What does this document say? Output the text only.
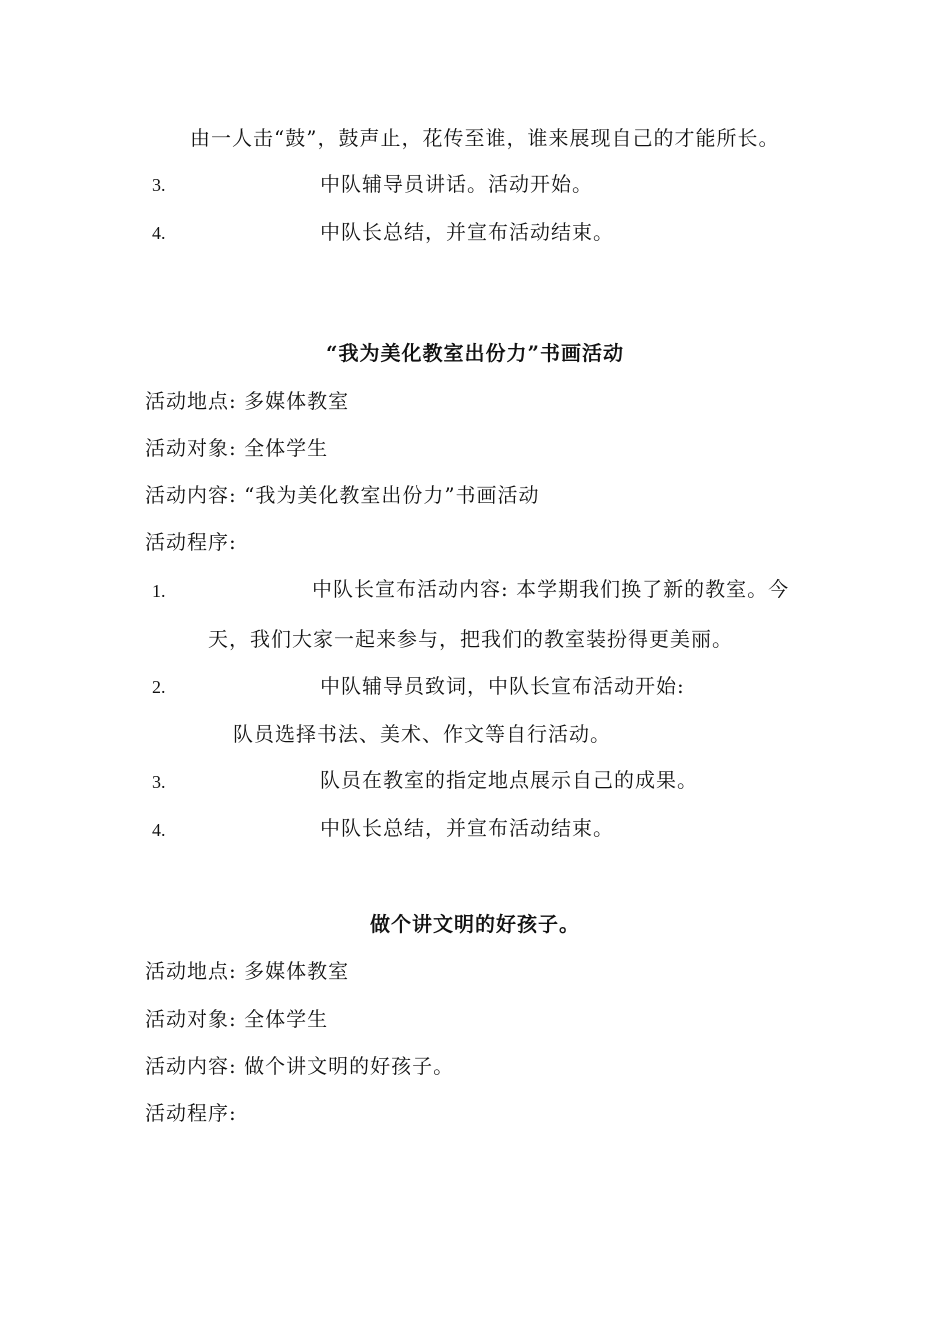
由一人击“鼓”，鼓声止，花传至谁，谁来展现自己的才能所长。
3.	中队辅导员讲话。活动开始。
4.	中队长总结，并宣布活动结束。
“我为美化教室出份力”书画活动
活动地点: 多媒体教室
活动对象: 全体学生
活动内容: “我为美化教室出份力”书画活动
活动程序:
1.	中队长宣布活动内容: 本学期我们换了新的教室。今
天，我们大家一起来参与，把我们的教室装扮得更美丽。
2.	中队辅导员致词，中队长宣布活动开始:
队员选择书法、美术、作文等自行活动。
3.	队员在教室的指定地点展示自己的成果。
4.	中队长总结，并宣布活动结束。
做个讲文明的好孩子。
活动地点: 多媒体教室
活动对象: 全体学生
活动内容: 做个讲文明的好孩子。
活动程序:
